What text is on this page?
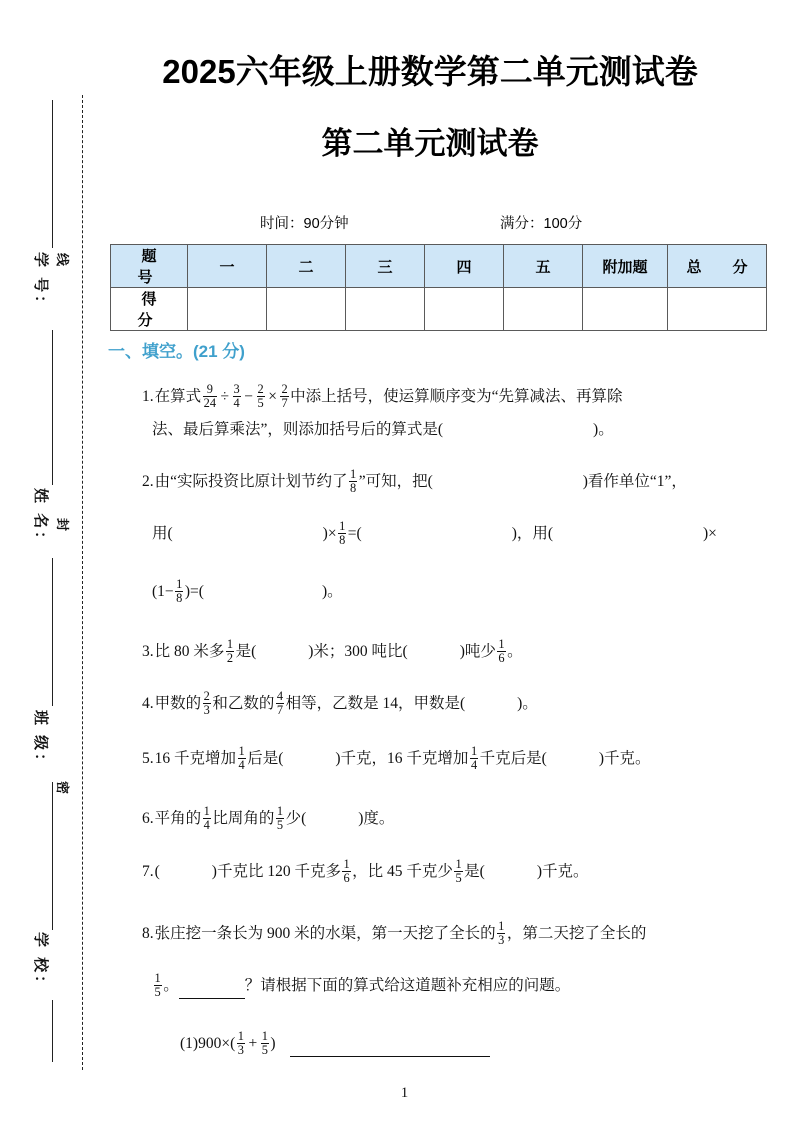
学 号：
姓 名：
班 级：
学 校：
线
封
密
2025六年级上册数学第二单元测试卷
第二单元测试卷
时间：90分钟	满分：100分
题　号	一	二	三	四	五	附加题	总　分
得　分							
一、填空。(21 分)
1.在算式 $\frac{9}{24} \div \frac{3}{4} - \frac{2}{5} \times \frac{2}{7}$ 中添上括号，使运算顺序变为“先算减法、再算除
法、最后算乘法”，则添加括号后的算式是(	)。
2.由“实际投资比原计划节约了 $\frac{1}{8}$ ”可知，把(	)看作单位“1”，
用(	)× $\frac{1}{8}$ =(	)，用(	)×
($1- \frac{1}{8}$ )=(	)。
3.比 80 米多 $\frac{1}{2}$ 是(	)米；300 吨比(	)吨少 $\frac{1}{6}$ 。
4.甲数的 $\frac{2}{3}$ 和乙数的 $\frac{4}{7}$ 相等，乙数是 14，甲数是(	)。
5.16 千克增加 $\frac{1}{4}$ 后是(	)千克，16 千克增加 $\frac{1}{4}$ 千克后是(	)千克。
6.平角的 $\frac{1}{4}$ 比周角的 $\frac{1}{5}$ 少(	)度。
7.(	)千克比 120 千克多 $\frac{1}{6}$ ，比 45 千克少 $\frac{1}{5}$ 是(	)千克。
8.张庄挖一条长为 900 米的水渠，第一天挖了全长的 $\frac{1}{3}$ ，第二天挖了全长的
$\frac{1}{5}$ 。	？请根据下面的算式给这道题补充相应的问题。
$(1)900\times( \frac{1}{3} + \frac{1}{5}$ )
1
